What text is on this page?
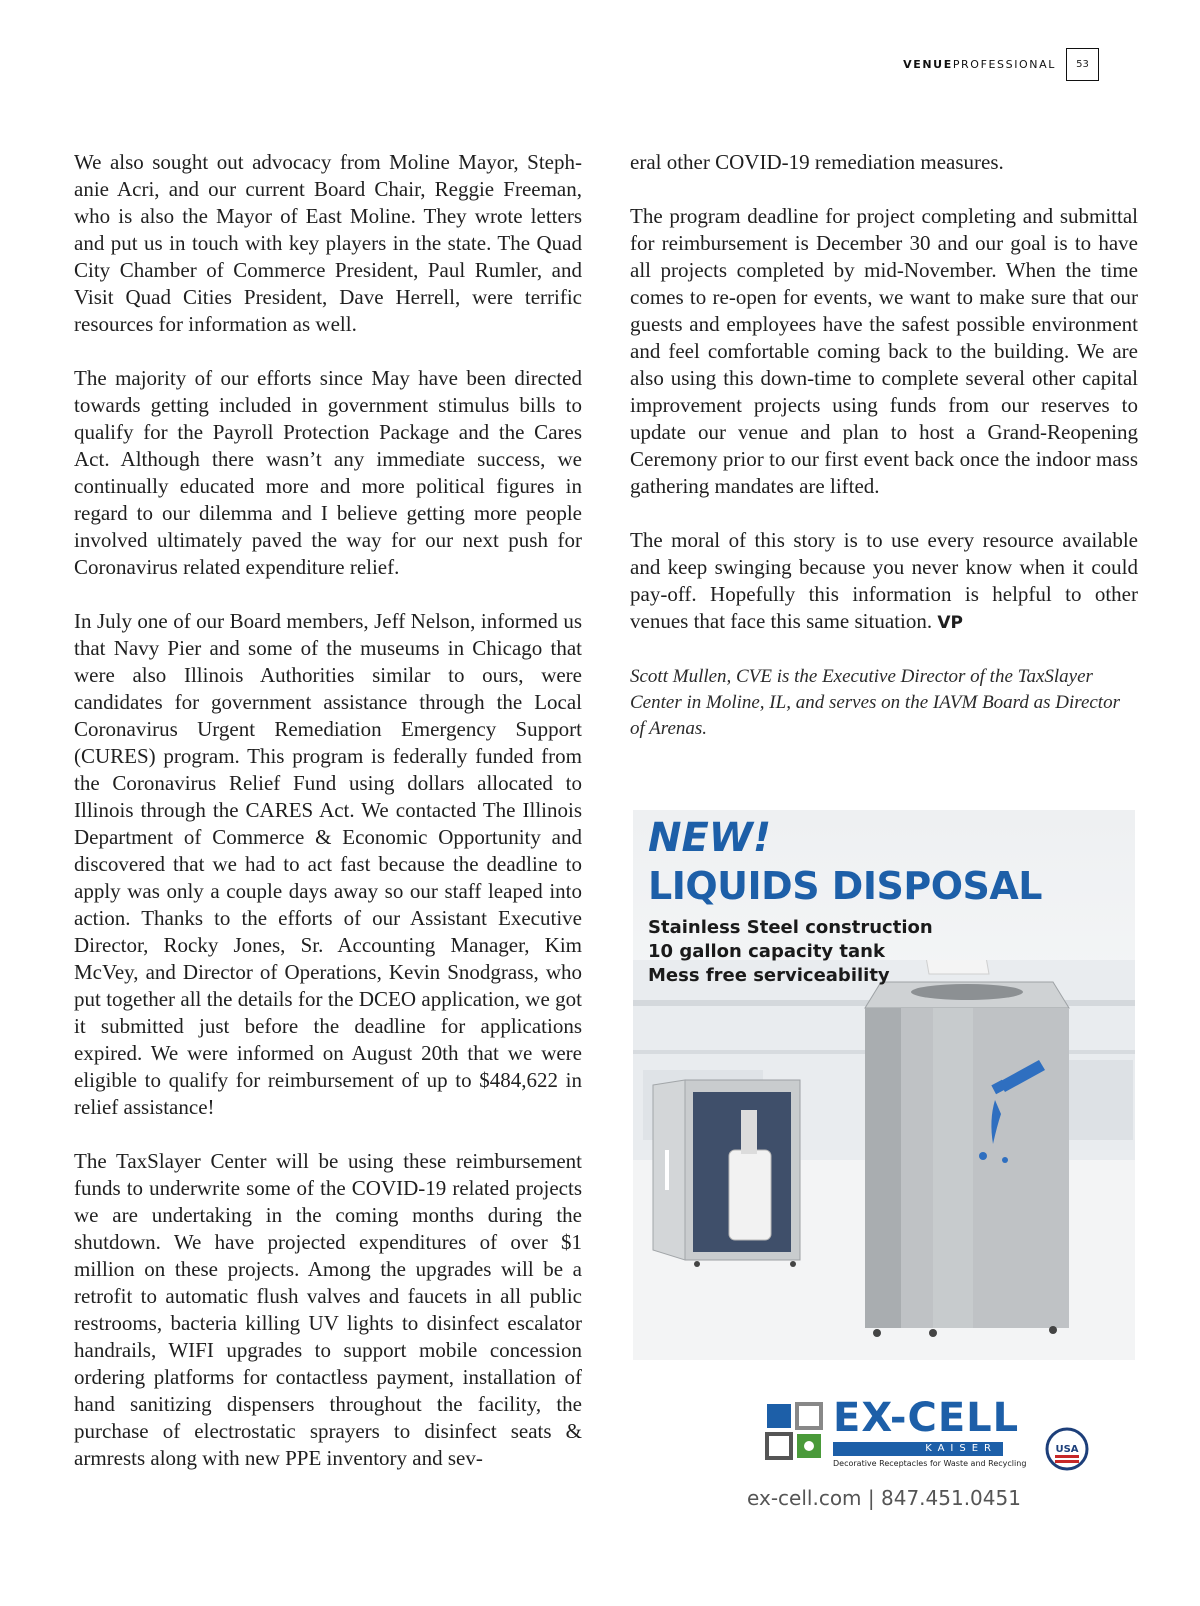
VENUEPROFESSIONAL	53

We also sought out advocacy from Moline Mayor, Stephanie Acri, and our current Board Chair, Reggie Freeman, who is also the Mayor of East Moline. They wrote letters and put us in touch with key players in the state. The Quad City Chamber of Commerce President, Paul Rumler, and Visit Quad Cities President, Dave Herrell, were terrific resources for information as well.

The majority of our efforts since May have been directed towards getting included in government stimulus bills to qualify for the Payroll Protection Package and the Cares Act. Although there wasn’t any immediate success, we continually educated more and more political figures in regard to our dilemma and I believe getting more people involved ultimately paved the way for our next push for Coronavirus related expenditure relief.

In July one of our Board members, Jeff Nelson, informed us that Navy Pier and some of the museums in Chicago that were also Illinois Authorities similar to ours, were candidates for government assistance through the Local Coronavirus Urgent Remediation Emergency Support (CURES) program. This program is federally funded from the Coronavirus Relief Fund using dollars allocated to Illinois through the CARES Act. We contacted The Illinois Department of Commerce & Economic Opportunity and discovered that we had to act fast because the deadline to apply was only a couple days away so our staff leaped into action. Thanks to the efforts of our Assistant Executive Director, Rocky Jones, Sr. Accounting Manager, Kim McVey, and Director of Operations, Kevin Snodgrass, who put together all the details for the DCEO application, we got it submitted just before the deadline for applications expired. We were informed on August 20th that we were eligible to qualify for reimbursement of up to $484,622 in relief assistance!

The TaxSlayer Center will be using these reimbursement funds to underwrite some of the COVID-19 related projects we are undertaking in the coming months during the shutdown. We have projected expenditures of over $1 million on these projects. Among the upgrades will be a retrofit to automatic flush valves and faucets in all public restrooms, bacteria killing UV lights to disinfect escalator handrails, WIFI upgrades to support mobile concession ordering platforms for contactless payment, installation of hand sanitizing dispensers throughout the facility, the purchase of electrostatic sprayers to disinfect seats & armrests along with new PPE inventory and sev-

eral other COVID-19 remediation measures.

The program deadline for project completing and submittal for reimbursement is December 30 and our goal is to have all projects completed by mid-November. When the time comes to re-open for events, we want to make sure that our guests and employees have the safest possible environment and feel comfortable coming back to the building. We are also using this down-time to complete several other capital improvement projects using funds from our reserves to update our venue and plan to host a Grand-Reopening Ceremony prior to our first event back once the indoor mass gathering mandates are lifted.

The moral of this story is to use every resource available and keep swinging because you never know when it could pay-off. Hopefully this information is helpful to other venues that face this same situation. VP

Scott Mullen, CVE is the Executive Director of the TaxSlayer Center in Moline, IL, and serves on the IAVM Board as Director of Arenas.

NEW!
LIQUIDS DISPOSAL
Stainless Steel construction
10 gallon capacity tank
Mess free serviceability
EX-CELL
KAISER
Decorative Receptacles for Waste and Recycling
USA
ex-cell.com | 847.451.0451
